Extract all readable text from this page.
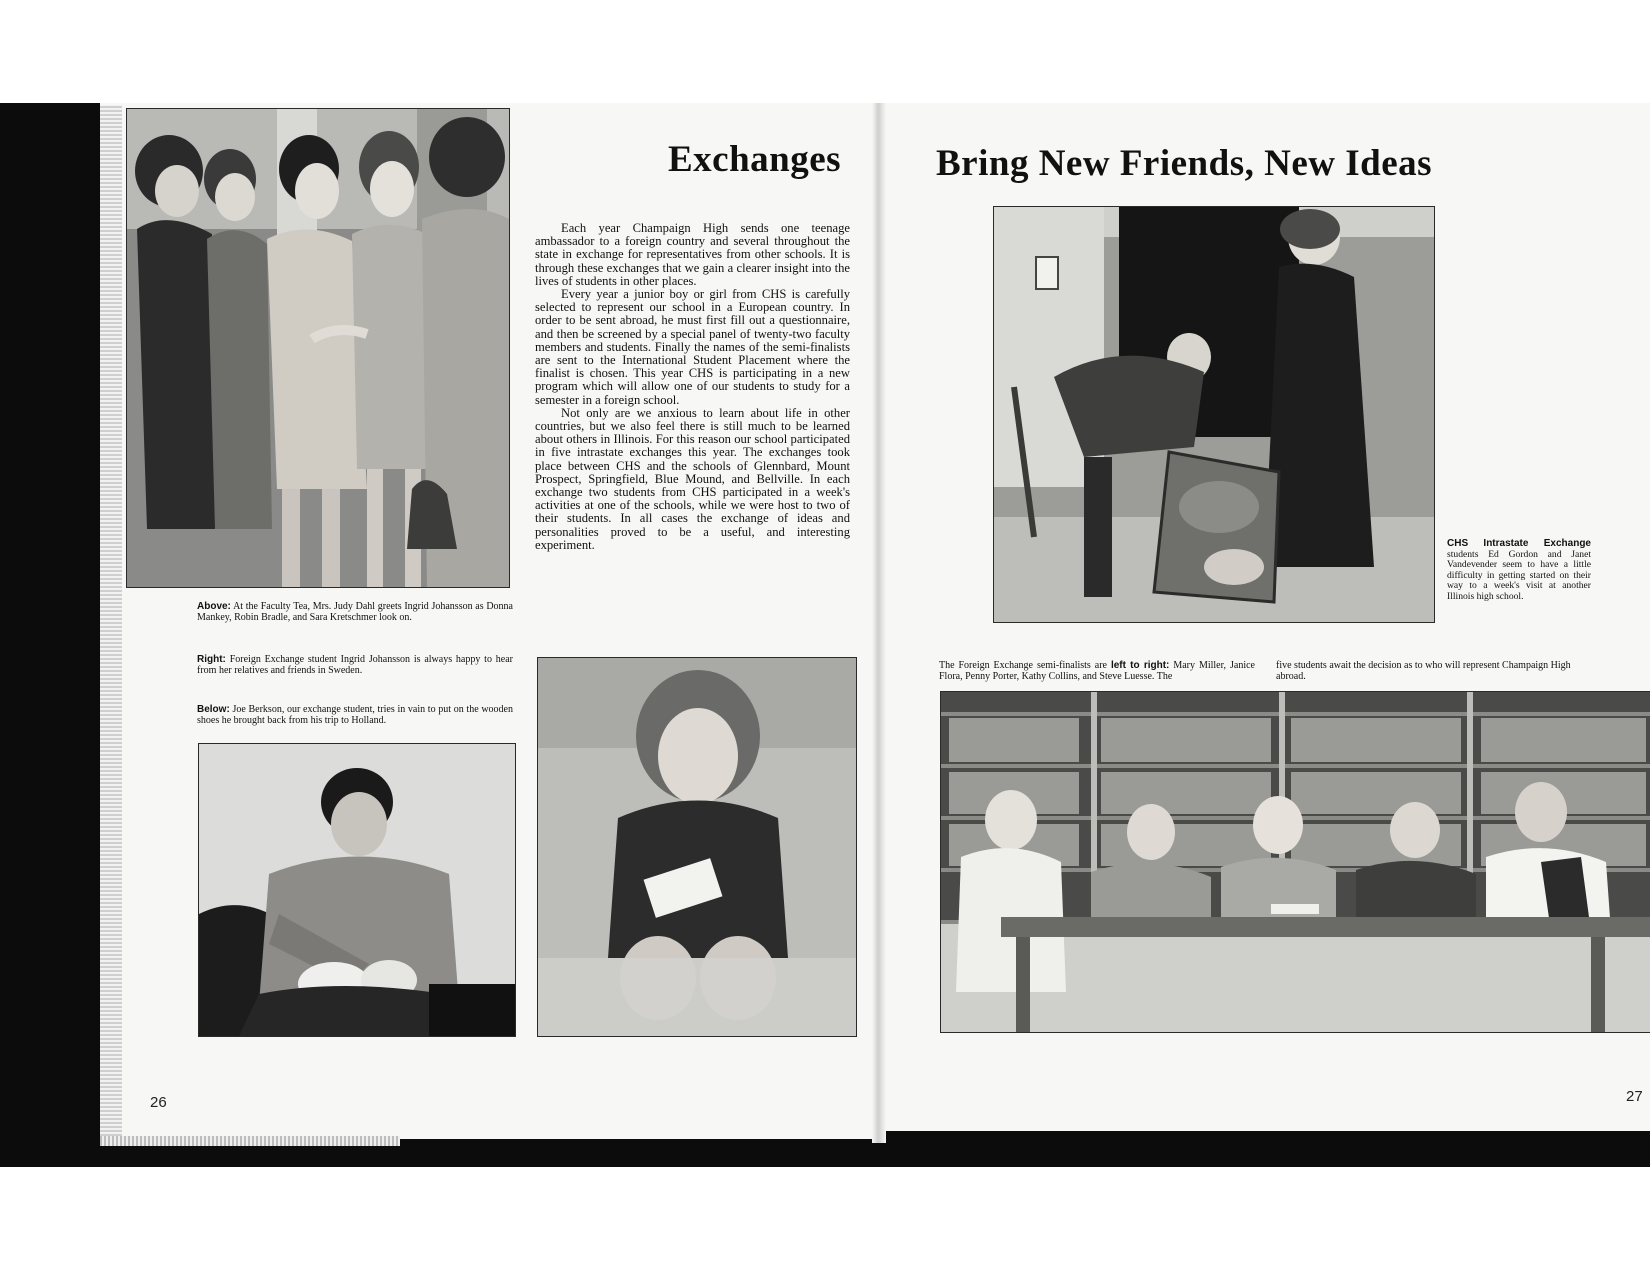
Exchanges

Each year Champaign High sends one teenage ambassador to a foreign country and several throughout the state in exchange for representatives from other schools. It is through these exchanges that we gain a clearer insight into the lives of students in other places.

Every year a junior boy or girl from CHS is carefully selected to represent our school in a European country. In order to be sent abroad, he must first fill out a questionnaire, and then be screened by a special panel of twenty-two faculty members and students. Finally the names of the semi-finalists are sent to the International Student Placement where the finalist is chosen. This year CHS is participating in a new program which will allow one of our students to study for a semester in a foreign school.

Not only are we anxious to learn about life in other countries, but we also feel there is still much to be learned about others in Illinois. For this reason our school participated in five intrastate exchanges this year. The exchanges took place between CHS and the schools of Glennbard, Mount Prospect, Springfield, Blue Mound, and Bellville. In each exchange two students from CHS participated in a week's activities at one of the schools, while we were host to two of their students. In all cases the exchange of ideas and personalities proved to be a useful, and interesting experiment.

Above: At the Faculty Tea, Mrs. Judy Dahl greets Ingrid Johansson as Donna Mankey, Robin Bradle, and Sara Kretschmer look on.
Right: Foreign Exchange student Ingrid Johansson is always happy to hear from her relatives and friends in Sweden.
Below: Joe Berkson, our exchange student, tries in vain to put on the wooden shoes he brought back from his trip to Holland.
26
Bring New Friends, New Ideas
CHS Intrastate Exchange students Ed Gordon and Janet Vandevender seem to have a little difficulty in getting started on their way to a week's visit at another Illinois high school.
The Foreign Exchange semi-finalists are left to right: Mary Miller, Janice Flora, Penny Porter, Kathy Collins, and Steve Luesse. The
five students await the decision as to who will represent Champaign High abroad.
27
